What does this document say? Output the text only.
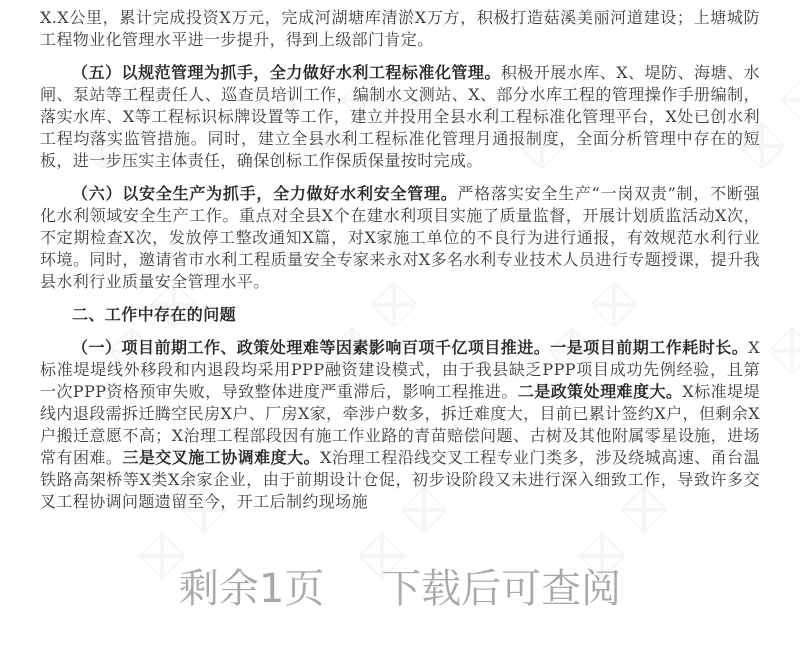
X.X公里，累计完成投资X万元，完成河湖塘库清淤X万方，积极打造菇溪美丽河道建设；上塘城防工程物业化管理水平进一步提升，得到上级部门肯定。

（五）以规范管理为抓手，全力做好水利工程标准化管理。积极开展水库、X、堤防、海塘、水闸、泵站等工程责任人、巡查员培训工作，编制水文测站、X、部分水库工程的管理操作手册编制，落实水库、X等工程标识标牌设置等工作，建立并投用全县水利工程标准化管理平台，X处已创水利工程均落实监管措施。同时，建立全县水利工程标准化管理月通报制度，全面分析管理中存在的短板，进一步压实主体责任，确保创标工作保质保量按时完成。

（六）以安全生产为抓手，全力做好水利安全管理。严格落实安全生产“一岗双责”制，不断强化水利领域安全生产工作。重点对全县X个在建水利项目实施了质量监督，开展计划质监活动X次，不定期检查X次，发放停工整改通知X篇，对X家施工单位的不良行为进行通报，有效规范水利行业环境。同时，邀请省市水利工程质量安全专家来永对X多名水利专业技术人员进行专题授课，提升我县水利行业质量安全管理水平。

二、工作中存在的问题

（一）项目前期工作、政策处理难等因素影响百项千亿项目推进。一是项目前期工作耗时长。X标准堤堤线外移段和内退段均采用PPP融资建设模式，由于我县缺乏PPP项目成功先例经验，且第一次PPP资格预审失败，导致整体进度严重滞后，影响工程推进。二是政策处理难度大。X标准堤堤线内退段需拆迁腾空民房X户、厂房X家，牵涉户数多，拆迁难度大，目前已累计签约X户，但剩余X户搬迁意愿不高；X治理工程部段因有施工作业路的青苗赔偿问题、古树及其他附属零星设施，进场常有困难。三是交叉施工协调难度大。X治理工程沿线交叉工程专业门类多，涉及绕城高速、甬台温铁路高架桥等X类X余家企业，由于前期设计仓促，初步设阶段又未进行深入细致工作，导致许多交叉工程协调问题遗留至今，开工后制约现场施

剩余1页 下载后可查阅
